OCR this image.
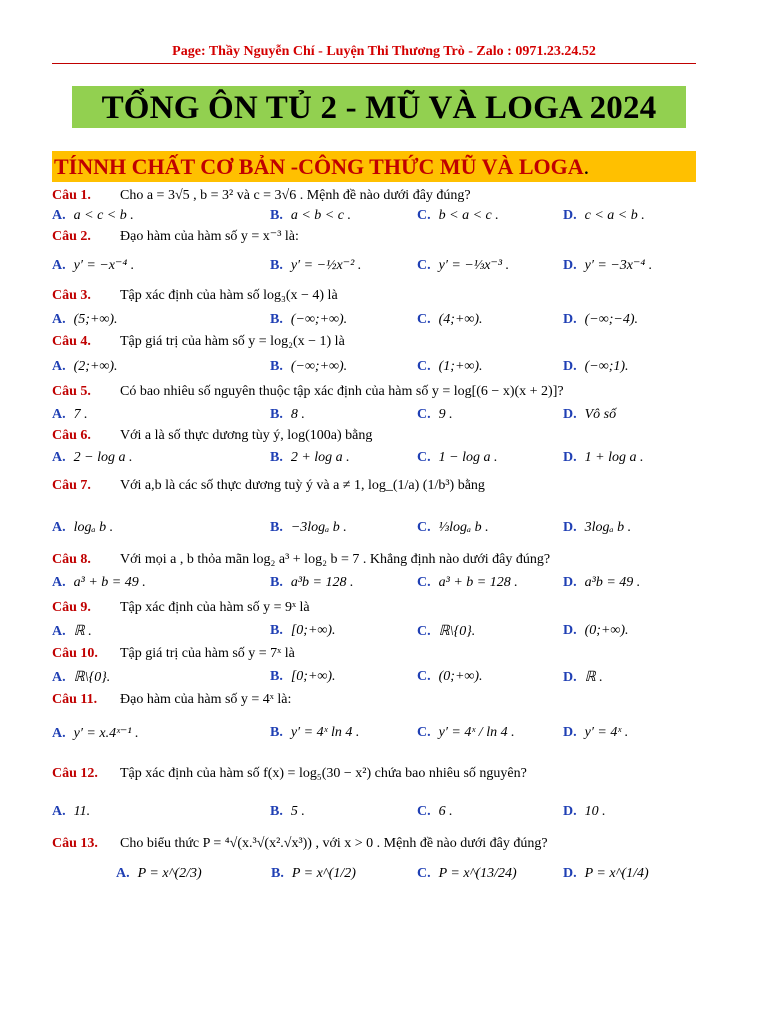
Page: Thầy Nguyễn Chí - Luyện Thi Thương Trò - Zalo : 0971.23.24.52
TỔNG ÔN TỦ 2 - MŨ VÀ LOGA 2024
TÍNNH CHẤT CƠ BẢN -CÔNG THỨC MŨ VÀ LOGA.
Câu 1. Cho a = 3√5 , b = 3² và c = 3√6 . Mệnh đề nào dưới đây đúng?
A. a < c < b .	B. a < b < c .	C. b < a < c .	D. c < a < b .
Câu 2. Đạo hàm của hàm số y = x⁻³ là:
A. y′ = −x⁻⁴ .	B. y′ = −½x⁻² .	C. y′ = −⅓x⁻³ .	D. y′ = −3x⁻⁴ .
Câu 3. Tập xác định của hàm số log₃(x − 4) là
A. (5;+∞).	B. (−∞;+∞).	C. (4;+∞).	D. (−∞;−4).
Câu 4. Tập giá trị của hàm số y = log₂(x − 1) là
A. (2;+∞).	B. (−∞;+∞).	C. (1;+∞).	D. (−∞;1).
Câu 5. Có bao nhiêu số nguyên thuộc tập xác định của hàm số y = log[(6 − x)(x + 2)]?
A. 7 .	B. 8 .	C. 9 .	D. Vô số
Câu 6. Với a là số thực dương tùy ý, log(100a) bằng
A. 2 − log a .	B. 2 + log a .	C. 1 − log a .	D. 1 + log a .
Câu 7. Với a,b là các số thực dương tuỳ ý và a ≠ 1, log_(1/a) (1/b³) bằng
A. logₐ b .	B. −3logₐ b .	C. ⅓logₐ b .	D. 3logₐ b .
Câu 8. Với mọi a , b thỏa mãn log₂ a³ + log₂ b = 7 . Khẳng định nào dưới đây đúng?
A. a³ + b = 49 .	B. a³b = 128 .	C. a³ + b = 128 .	D. a³b = 49 .
Câu 9. Tập xác định của hàm số y = 9ˣ là
A. ℝ .	B. [0;+∞).	C. ℝ\{0}.	D. (0;+∞).
Câu 10. Tập giá trị của hàm số y = 7ˣ là
A. ℝ\{0}.	B. [0;+∞).	C. (0;+∞).	D. ℝ .
Câu 11. Đạo hàm của hàm số y = 4ˣ là:
A. y′ = x.4ˣ⁻¹ .	B. y′ = 4ˣ ln 4 .	C. y′ = 4ˣ / ln 4 .	D. y′ = 4ˣ .
Câu 12. Tập xác định của hàm số f(x) = log₅(30 − x²) chứa bao nhiêu số nguyên?
A. 11.	B. 5 .	C. 6 .	D. 10 .
Câu 13. Cho biểu thức P = ⁴√(x.³√(x².√x³)) , với x > 0 . Mệnh đề nào dưới đây đúng?
A. P = x^(2/3)	B. P = x^(1/2)	C. P = x^(13/24)	D. P = x^(1/4)
